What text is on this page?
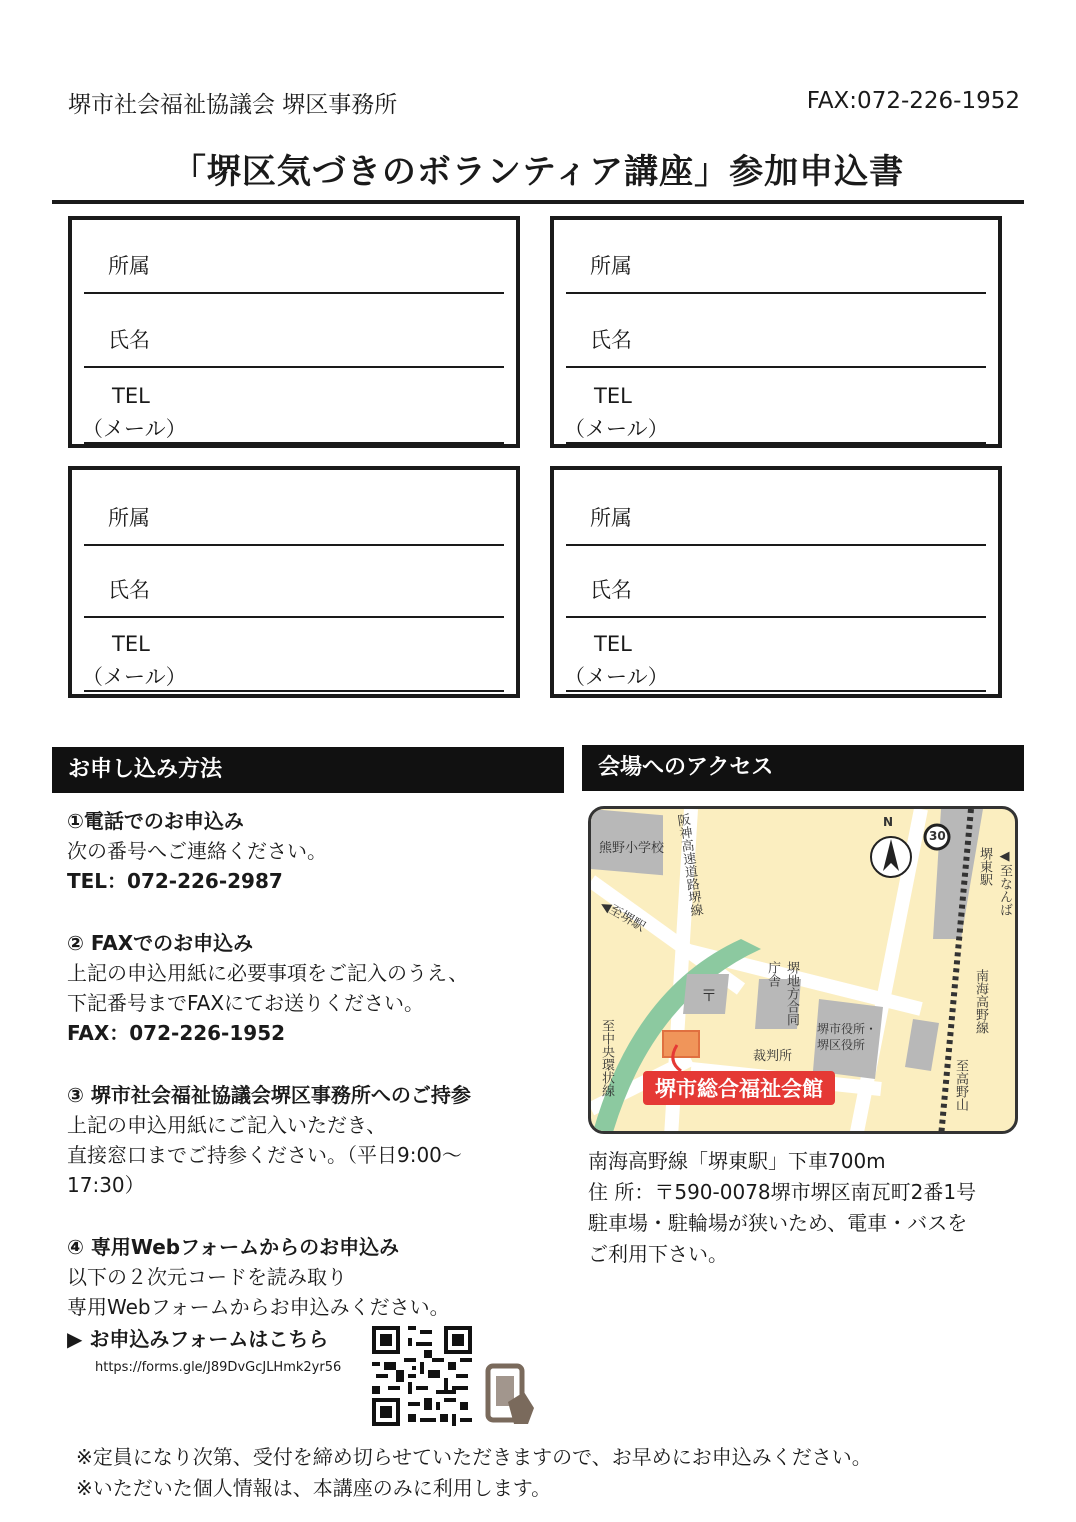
堺市社会福祉協議会 堺区事務所	FAX:072-226-1952
「堺区気づきのボランティア講座」参加申込書
所属
氏名
TEL
（メール）
所属
氏名
TEL
（メール）
所属
氏名
TEL
（メール）
所属
氏名
TEL
（メール）
お申し込み方法	会場へのアクセス
①電話でのお申込み
次の番号へご連絡ください。
TEL：072-226-2987
② FAXでのお申込み
上記の申込用紙に必要事項をご記入のうえ、
下記番号までFAXにてお送りください。
FAX：072-226-1952
③ 堺市社会福祉協議会堺区事務所へのご持参
上記の申込用紙にご記入いただき、
直接窓口までご持参ください。（平日9:00～
17:30）
④ 専用Webフォームからのお申込み
以下の２次元コードを読み取り
専用Webフォームからお申込みください。
▶ お申込みフォームはこちら
https://forms.gle/J89DvGcJLHmk2yr56
熊野小学校 阪神高速道路堺線
◀至堺駅
N
30
堺東駅 ◀至なんば
南海高野線
至高野山
堺地方合同庁舎
堺市役所・堺区役所
裁判所
至中央環状線
〒
堺市総合福祉会館
南海高野線「堺東駅」下車700m
住 所：〒590-0078堺市堺区南瓦町2番1号
駐車場・駐輪場が狭いため、電車・バスを
ご利用下さい。
※定員になり次第、受付を締め切らせていただきますので、お早めにお申込みください。
※いただいた個人情報は、本講座のみに利用します。
